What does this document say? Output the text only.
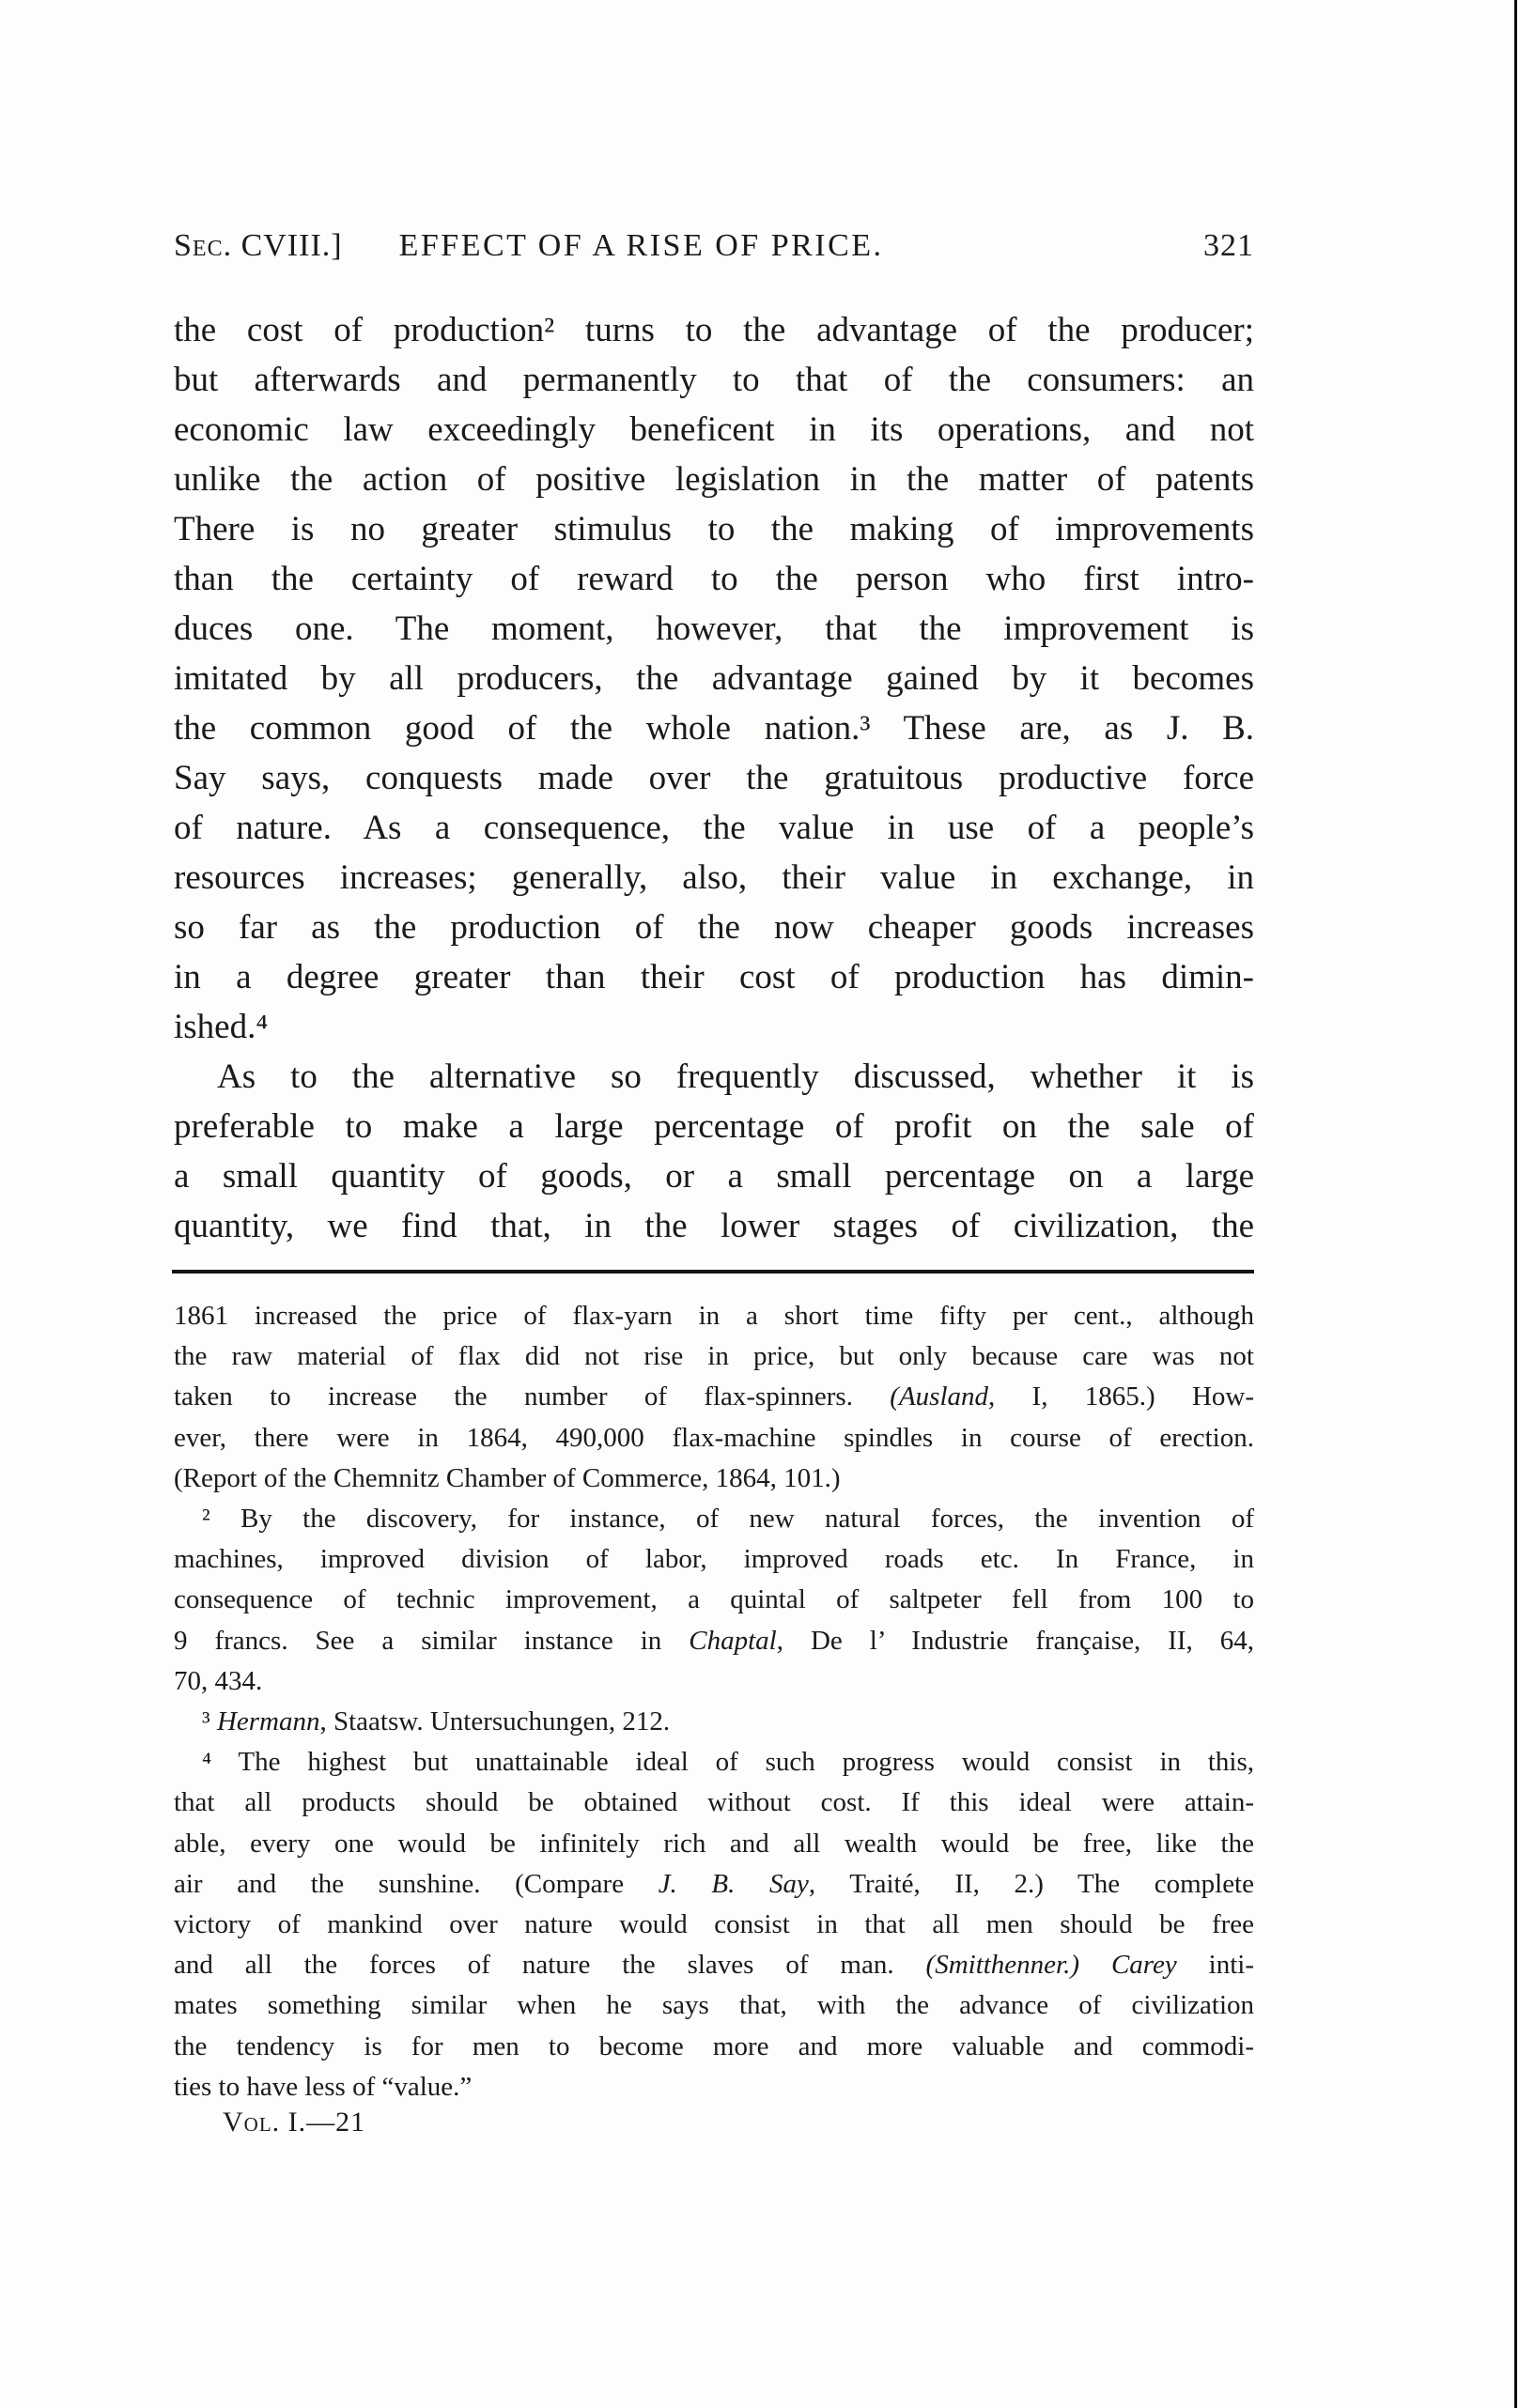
Sec. CVIII.] EFFECT OF A RISE OF PRICE.	321
the cost of production² turns to the advantage of the producer;
but afterwards and permanently to that of the consumers: an
economic law exceedingly beneficent in its operations, and not
unlike the action of positive legislation in the matter of patents
There is no greater stimulus to the making of improvements
than the certainty of reward to the person who first intro-
duces one. The moment, however, that the improvement is
imitated by all producers, the advantage gained by it becomes
the common good of the whole nation.³ These are, as J. B.
Say says, conquests made over the gratuitous productive force
of nature. As a consequence, the value in use of a people’s
resources increases; generally, also, their value in exchange, in
so far as the production of the now cheaper goods increases
in a degree greater than their cost of production has dimin-
ished.⁴
As to the alternative so frequently discussed, whether it is
preferable to make a large percentage of profit on the sale of
a small quantity of goods, or a small percentage on a large
quantity, we find that, in the lower stages of civilization, the
1861 increased the price of flax-yarn in a short time fifty per cent., although
the raw material of flax did not rise in price, but only because care was not
taken to increase the number of flax-spinners. (Ausland, I, 1865.) How-
ever, there were in 1864, 490,000 flax-machine spindles in course of erection.
(Report of the Chemnitz Chamber of Commerce, 1864, 101.)
² By the discovery, for instance, of new natural forces, the invention of
machines, improved division of labor, improved roads etc. In France, in
consequence of technic improvement, a quintal of saltpeter fell from 100 to
9 francs. See a similar instance in Chaptal, De l’ Industrie française, II, 64,
70, 434.
³ Hermann, Staatsw. Untersuchungen, 212.
⁴ The highest but unattainable ideal of such progress would consist in this,
that all products should be obtained without cost. If this ideal were attain-
able, every one would be infinitely rich and all wealth would be free, like the
air and the sunshine. (Compare J. B. Say, Traité, II, 2.) The complete
victory of mankind over nature would consist in that all men should be free
and all the forces of nature the slaves of man. (Smitthenner.) Carey inti-
mates something similar when he says that, with the advance of civilization
the tendency is for men to become more and more valuable and commodi-
ties to have less of “value.”
Vol. I.—21
